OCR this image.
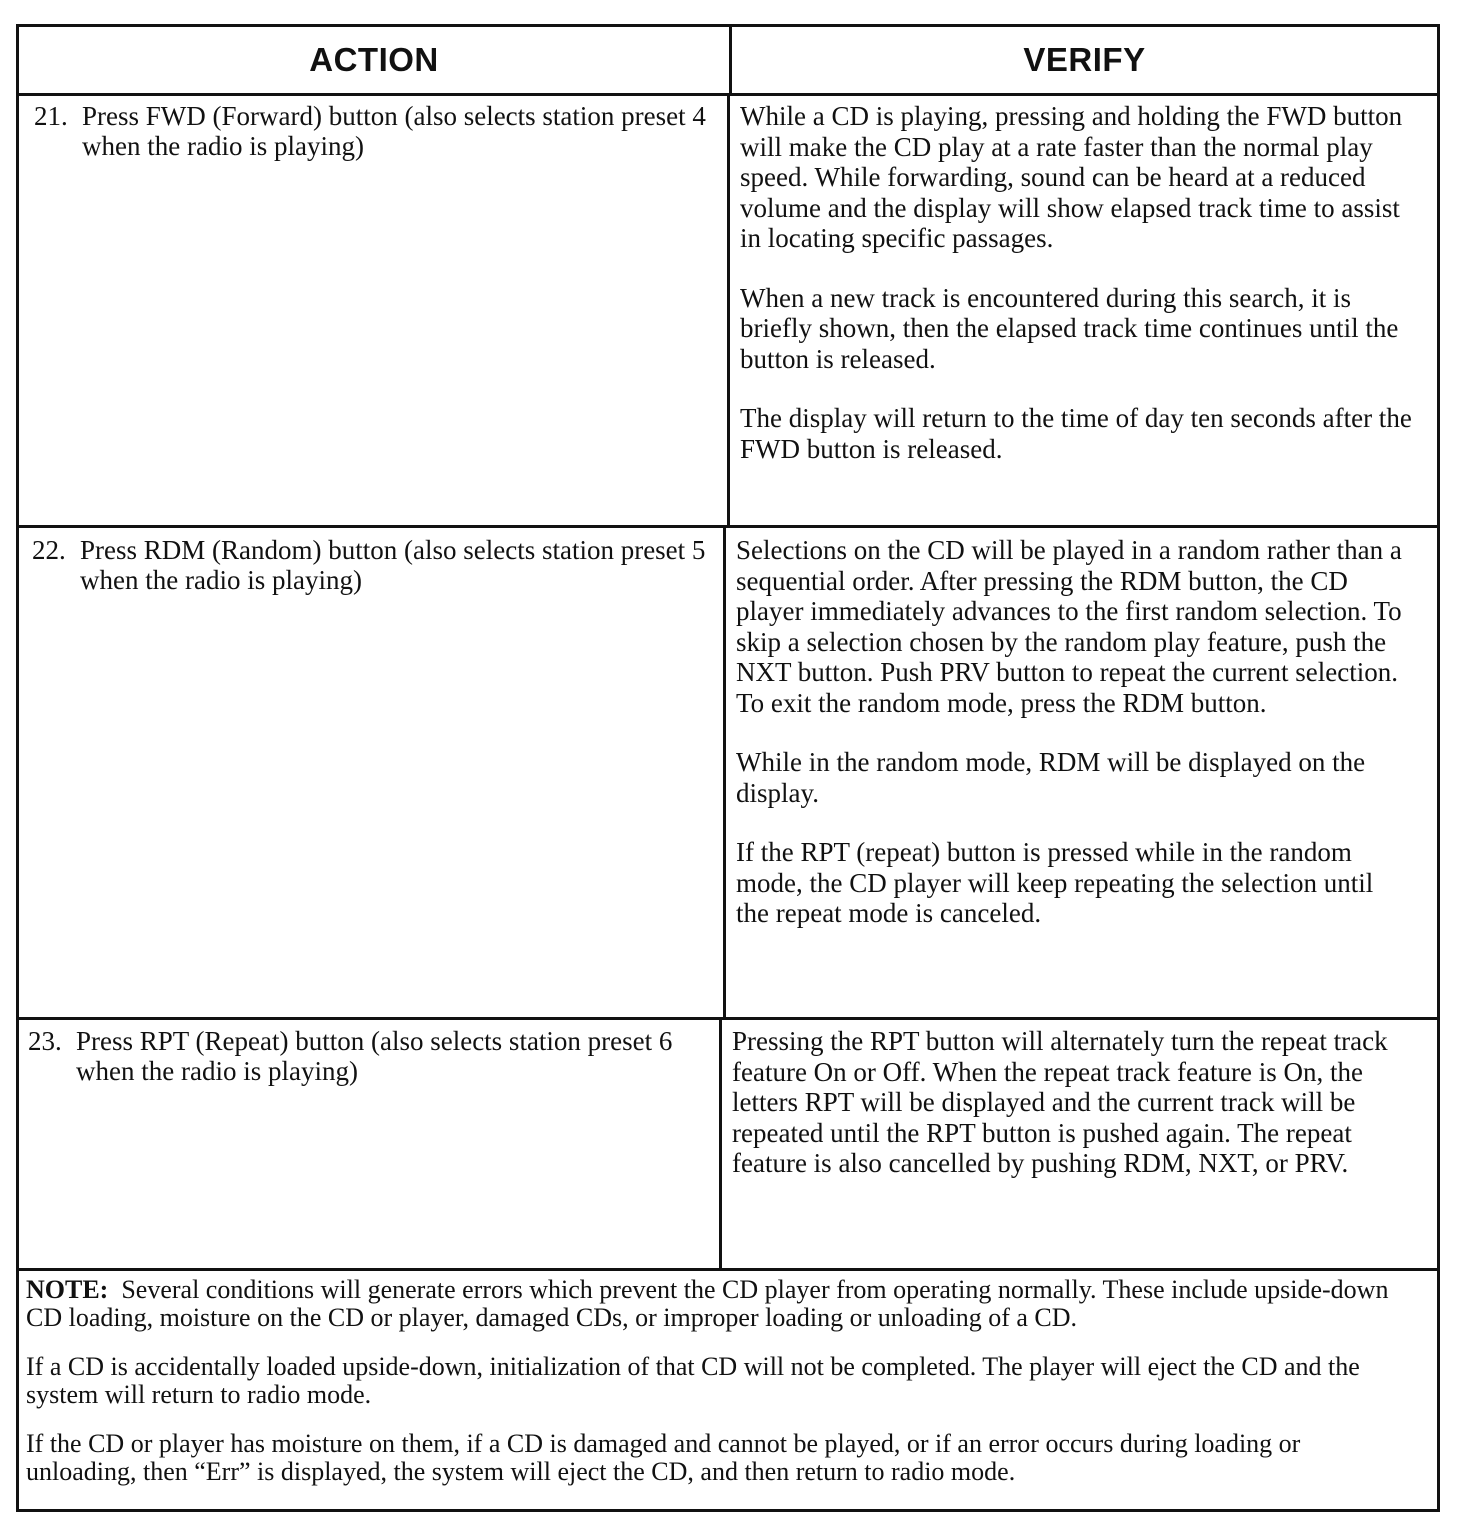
ACTION	VERIFY
21. Press FWD (Forward) button (also selects station preset 4 when the radio is playing)

While a CD is playing, pressing and holding the FWD button will make the CD play at a rate faster than the normal play speed. While forwarding, sound can be heard at a reduced volume and the display will show elapsed track time to assist in locating specific passages.

When a new track is encountered during this search, it is briefly shown, then the elapsed track time continues until the button is released.

The display will return to the time of day ten seconds after the FWD button is released.

22. Press RDM (Random) button (also selects station preset 5 when the radio is playing)

Selections on the CD will be played in a random rather than a sequential order. After pressing the RDM button, the CD player immediately advances to the first random selection. To skip a selection chosen by the random play feature, push the NXT button. Push PRV button to repeat the current selection. To exit the random mode, press the RDM button.

While in the random mode, RDM will be displayed on the display.

If the RPT (repeat) button is pressed while in the random mode, the CD player will keep repeating the selection until the repeat mode is canceled.

23. Press RPT (Repeat) button (also selects station preset 6 when the radio is playing)

Pressing the RPT button will alternately turn the repeat track feature On or Off. When the repeat track feature is On, the letters RPT will be displayed and the current track will be repeated until the RPT button is pushed again. The repeat feature is also cancelled by pushing RDM, NXT, or PRV.

NOTE: Several conditions will generate errors which prevent the CD player from operating normally. These include upside-down CD loading, moisture on the CD or player, damaged CDs, or improper loading or unloading of a CD.

If a CD is accidentally loaded upside-down, initialization of that CD will not be completed. The player will eject the CD and the system will return to radio mode.

If the CD or player has moisture on them, if a CD is damaged and cannot be played, or if an error occurs during loading or unloading, then “Err” is displayed, the system will eject the CD, and then return to radio mode.
